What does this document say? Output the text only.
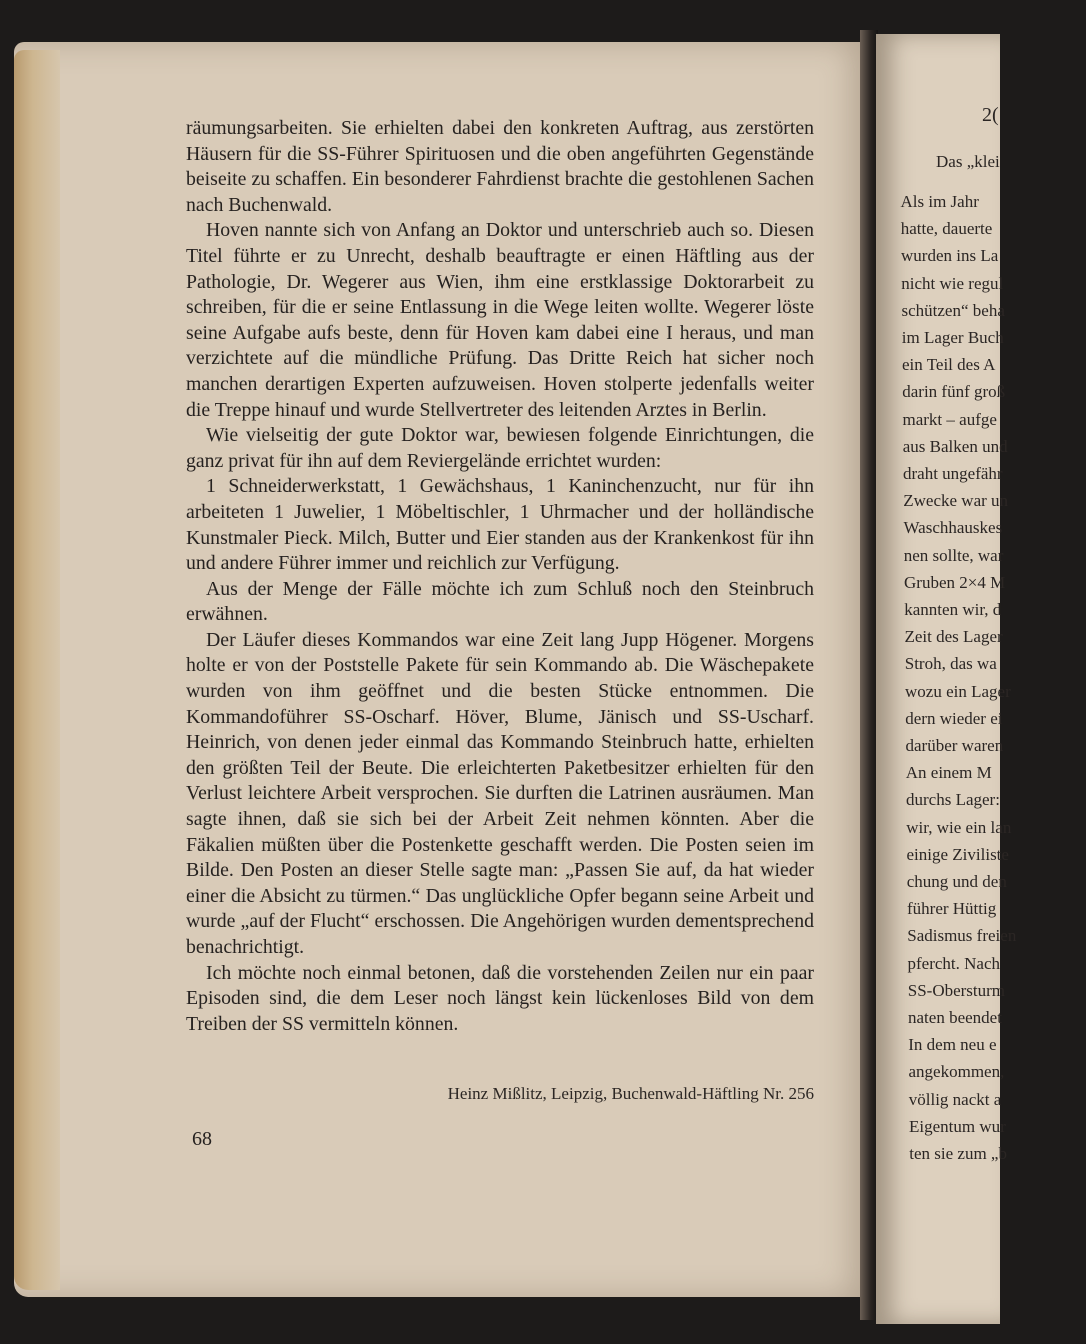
räumungsarbeiten. Sie erhielten dabei den konkreten Auftrag, aus zerstörten Häusern für die SS-Führer Spirituosen und die oben angeführten Gegenstände beiseite zu schaffen. Ein besonderer Fahrdienst brachte die gestohlenen Sachen nach Buchenwald.

Hoven nannte sich von Anfang an Doktor und unterschrieb auch so. Diesen Titel führte er zu Unrecht, deshalb beauftragte er einen Häftling aus der Pathologie, Dr. Wegerer aus Wien, ihm eine erstklassige Doktorarbeit zu schreiben, für die er seine Entlassung in die Wege leiten wollte. Wegerer löste seine Aufgabe aufs beste, denn für Hoven kam dabei eine I heraus, und man verzichtete auf die mündliche Prüfung. Das Dritte Reich hat sicher noch manchen derartigen Experten aufzuweisen. Hoven stolperte jedenfalls weiter die Treppe hinauf und wurde Stellvertreter des leitenden Arztes in Berlin.

Wie vielseitig der gute Doktor war, bewiesen folgende Einrichtungen, die ganz privat für ihn auf dem Reviergelände errichtet wurden:

1 Schneiderwerkstatt, 1 Gewächshaus, 1 Kaninchenzucht, nur für ihn arbeiteten 1 Juwelier, 1 Möbeltischler, 1 Uhrmacher und der holländische Kunstmaler Pieck. Milch, Butter und Eier standen aus der Krankenkost für ihn und andere Führer immer und reichlich zur Verfügung.

Aus der Menge der Fälle möchte ich zum Schluß noch den Steinbruch erwähnen.

Der Läufer dieses Kommandos war eine Zeit lang Jupp Högener. Morgens holte er von der Poststelle Pakete für sein Kommando ab. Die Wäschepakete wurden von ihm geöffnet und die besten Stücke entnommen. Die Kommandoführer SS-Oscharf. Höver, Blume, Jänisch und SS-Uscharf. Heinrich, von denen jeder einmal das Kommando Steinbruch hatte, erhielten den größten Teil der Beute. Die erleichterten Paketbesitzer erhielten für den Verlust leichtere Arbeit versprochen. Sie durften die Latrinen ausräumen. Man sagte ihnen, daß sie sich bei der Arbeit Zeit nehmen könnten. Aber die Fäkalien müßten über die Postenkette geschafft werden. Die Posten seien im Bilde. Den Posten an dieser Stelle sagte man: „Passen Sie auf, da hat wieder einer die Absicht zu türmen.“ Das unglückliche Opfer begann seine Arbeit und wurde „auf der Flucht“ erschossen. Die Angehörigen wurden dementsprechend benachrichtigt.

Ich möchte noch einmal betonen, daß die vorstehenden Zeilen nur ein paar Episoden sind, die dem Leser noch längst kein lückenloses Bild von dem Treiben der SS vermitteln können.

Heinz Mißlitz, Leipzig, Buchenwald-Häftling Nr. 256
68
2(
Das „klei
Als im Jahr
hatte, dauerte
wurden ins La
nicht wie regul
schützen“ beha
im Lager Buch
ein Teil des A
darin fünf groß
markt – aufge
aus Balken und
draht ungefähr
Zwecke war un
Waschhauskes
nen sollte, war
Gruben 2×4 M
kannten wir, d
Zeit des Lager
Stroh, das wa
wozu ein Lager
dern wieder ei
darüber waren
An einem M
durchs Lager:
wir, wie ein lan
einige Ziviliste
chung und den
führer Hüttig
Sadismus freien
pfercht. Nach
SS-Obersturm
naten beendet
In dem neu e
angekommen,
völlig nackt a
Eigentum wur
ten sie zum „b
